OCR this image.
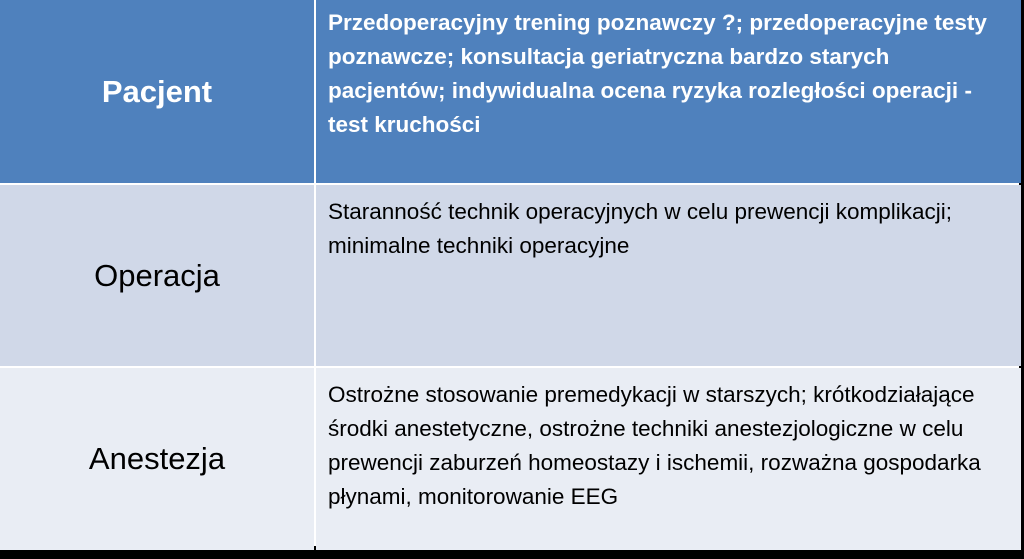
Pacjent
Przedoperacyjny trening poznawczy ?; przedoperacyjne testy poznawcze; konsultacja geriatryczna bardzo starych pacjentów; indywidualna ocena ryzyka rozległości operacji - test kruchości
Operacja
Staranność technik operacyjnych w celu prewencji komplikacji; minimalne techniki operacyjne
Anestezja
Ostrożne stosowanie premedykacji w starszych; krótkodziałające środki anestetyczne, ostrożne techniki anestezjologiczne w celu prewencji zaburzeń homeostazy i ischemii, rozważna gospodarka płynami, monitorowanie EEG
